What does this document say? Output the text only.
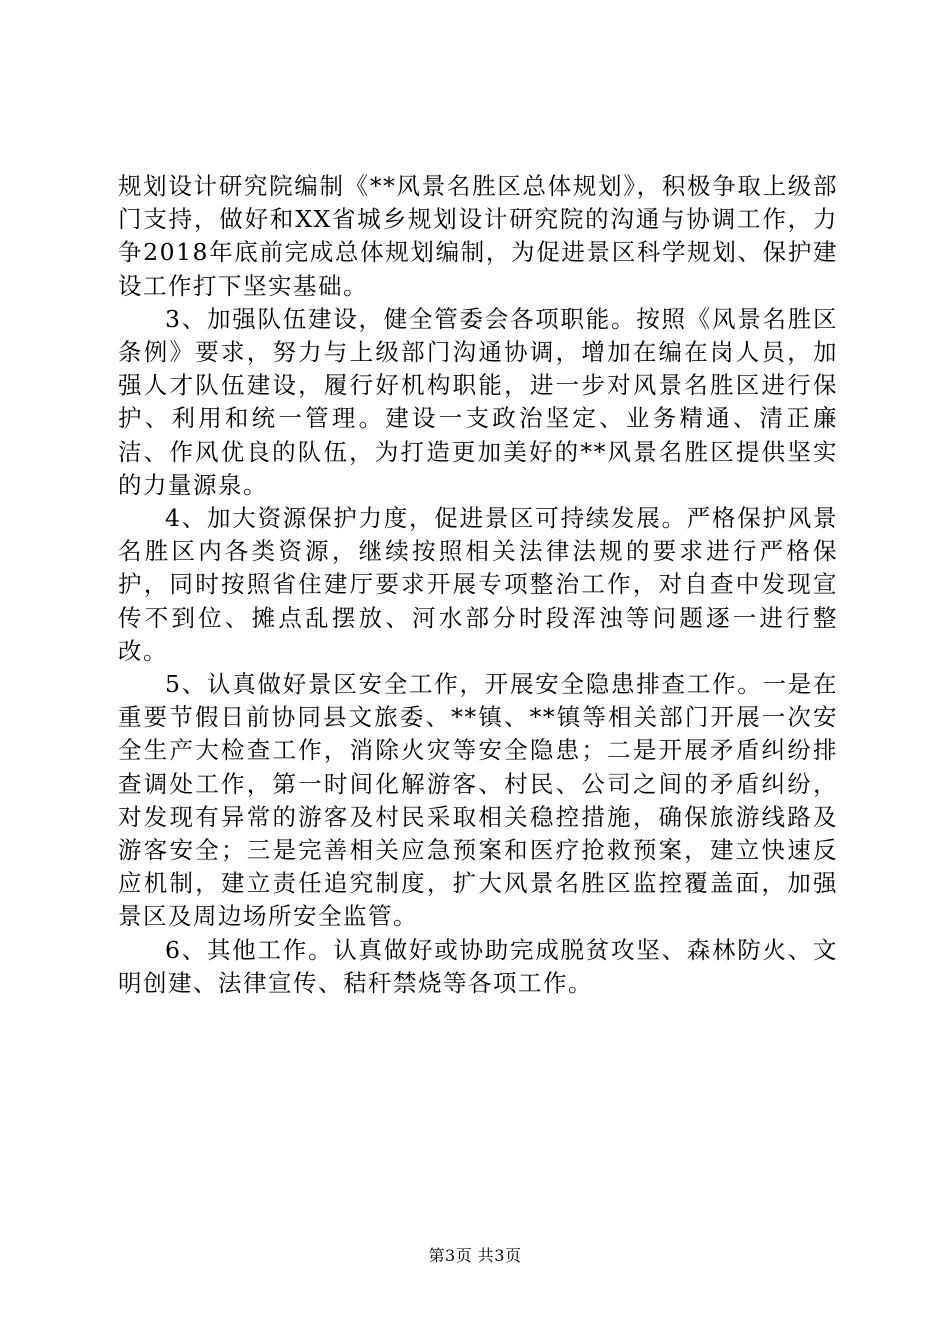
规划设计研究院编制《**风景名胜区总体规划》，积极争取上级部门支持，做好和XX省城乡规划设计研究院的沟通与协调工作，力争2018年底前完成总体规划编制，为促进景区科学规划、保护建设工作打下坚实基础。

3、加强队伍建设，健全管委会各项职能。按照《风景名胜区条例》要求，努力与上级部门沟通协调，增加在编在岗人员，加强人才队伍建设，履行好机构职能，进一步对风景名胜区进行保护、利用和统一管理。建设一支政治坚定、业务精通、清正廉洁、作风优良的队伍，为打造更加美好的**风景名胜区提供坚实的力量源泉。

4、加大资源保护力度，促进景区可持续发展。严格保护风景名胜区内各类资源，继续按照相关法律法规的要求进行严格保护，同时按照省住建厅要求开展专项整治工作，对自查中发现宣传不到位、摊点乱摆放、河水部分时段浑浊等问题逐一进行整改。

5、认真做好景区安全工作，开展安全隐患排查工作。一是在重要节假日前协同县文旅委、**镇、**镇等相关部门开展一次安全生产大检查工作，消除火灾等安全隐患；二是开展矛盾纠纷排查调处工作，第一时间化解游客、村民、公司之间的矛盾纠纷，对发现有异常的游客及村民采取相关稳控措施，确保旅游线路及游客安全；三是完善相关应急预案和医疗抢救预案，建立快速反应机制，建立责任追究制度，扩大风景名胜区监控覆盖面，加强景区及周边场所安全监管。

6、其他工作。认真做好或协助完成脱贫攻坚、森林防火、文明创建、法律宣传、秸秆禁烧等各项工作。

第3页 共3页
